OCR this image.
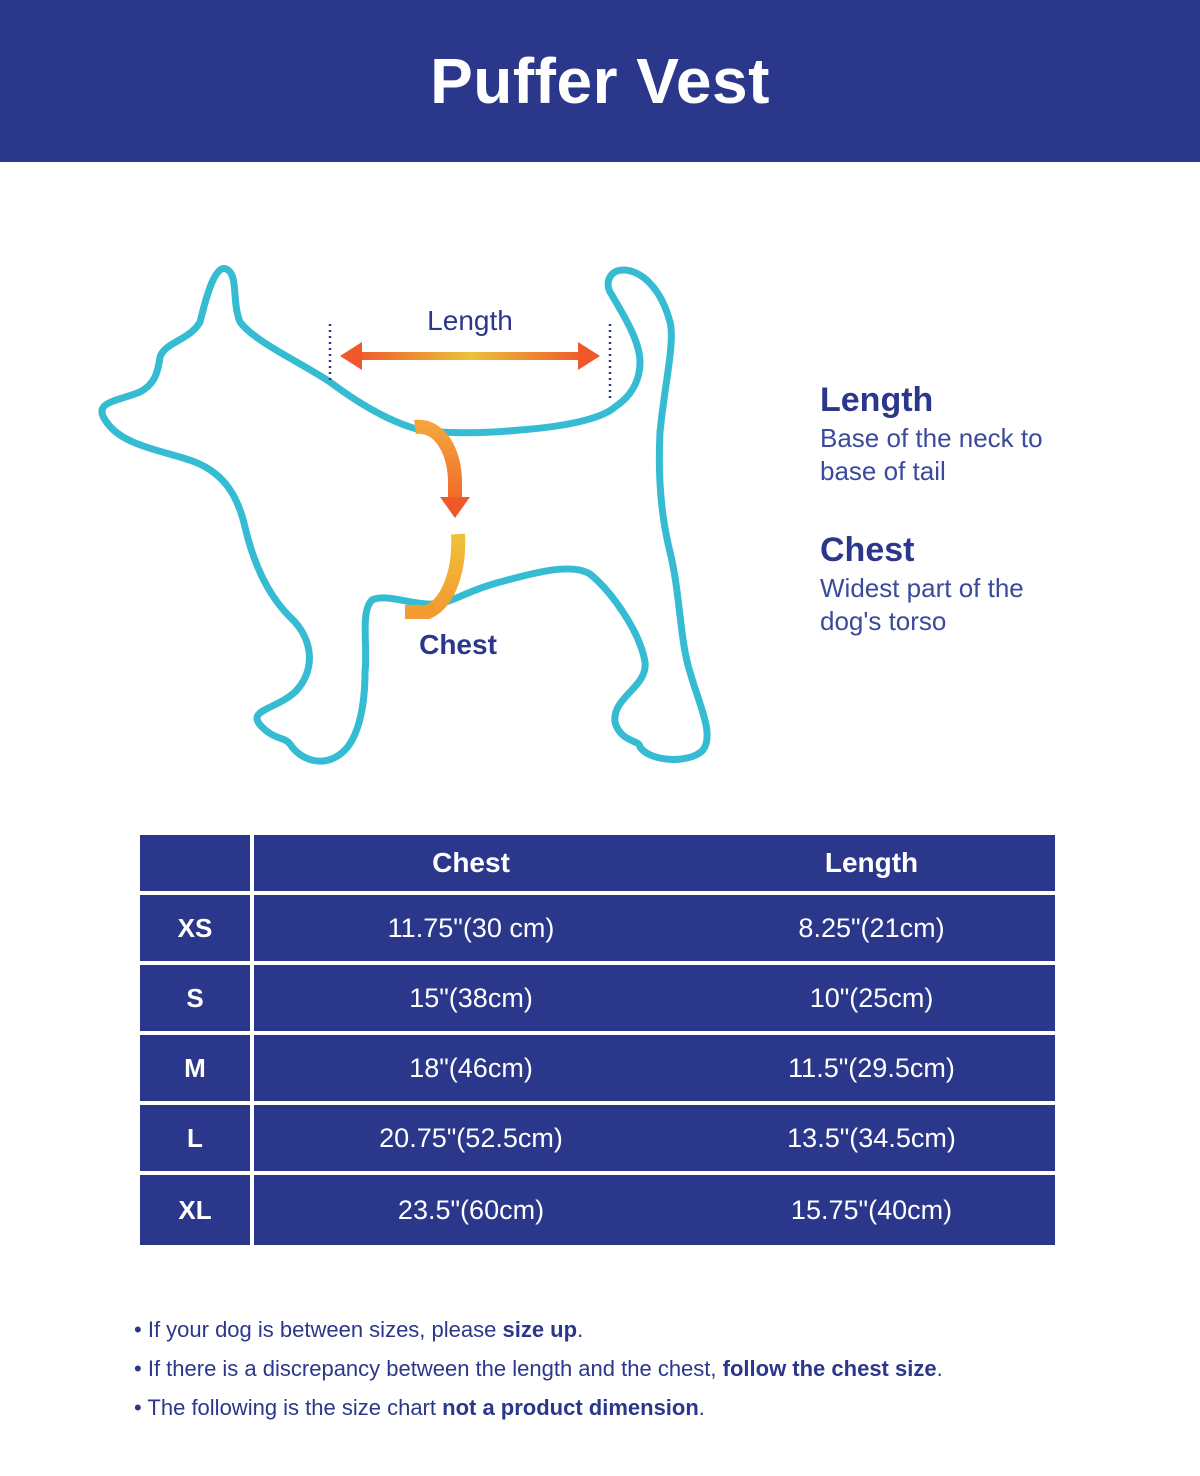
Puffer Vest
Length
Chest

Length

Base of the neck to
base of tail

Chest

Widest part of the
dog's torso

	Chest	Length
XS	11.75"(30 cm)	8.25"(21cm)
S	15"(38cm)	10"(25cm)
M	18"(46cm)	11.5"(29.5cm)
L	20.75"(52.5cm)	13.5"(34.5cm)
XL	23.5"(60cm)	15.75"(40cm)

• If your dog is between sizes, please size up.

• If there is a discrepancy between the length and the chest, follow the chest size.

• The following is the size chart not a product dimension.
